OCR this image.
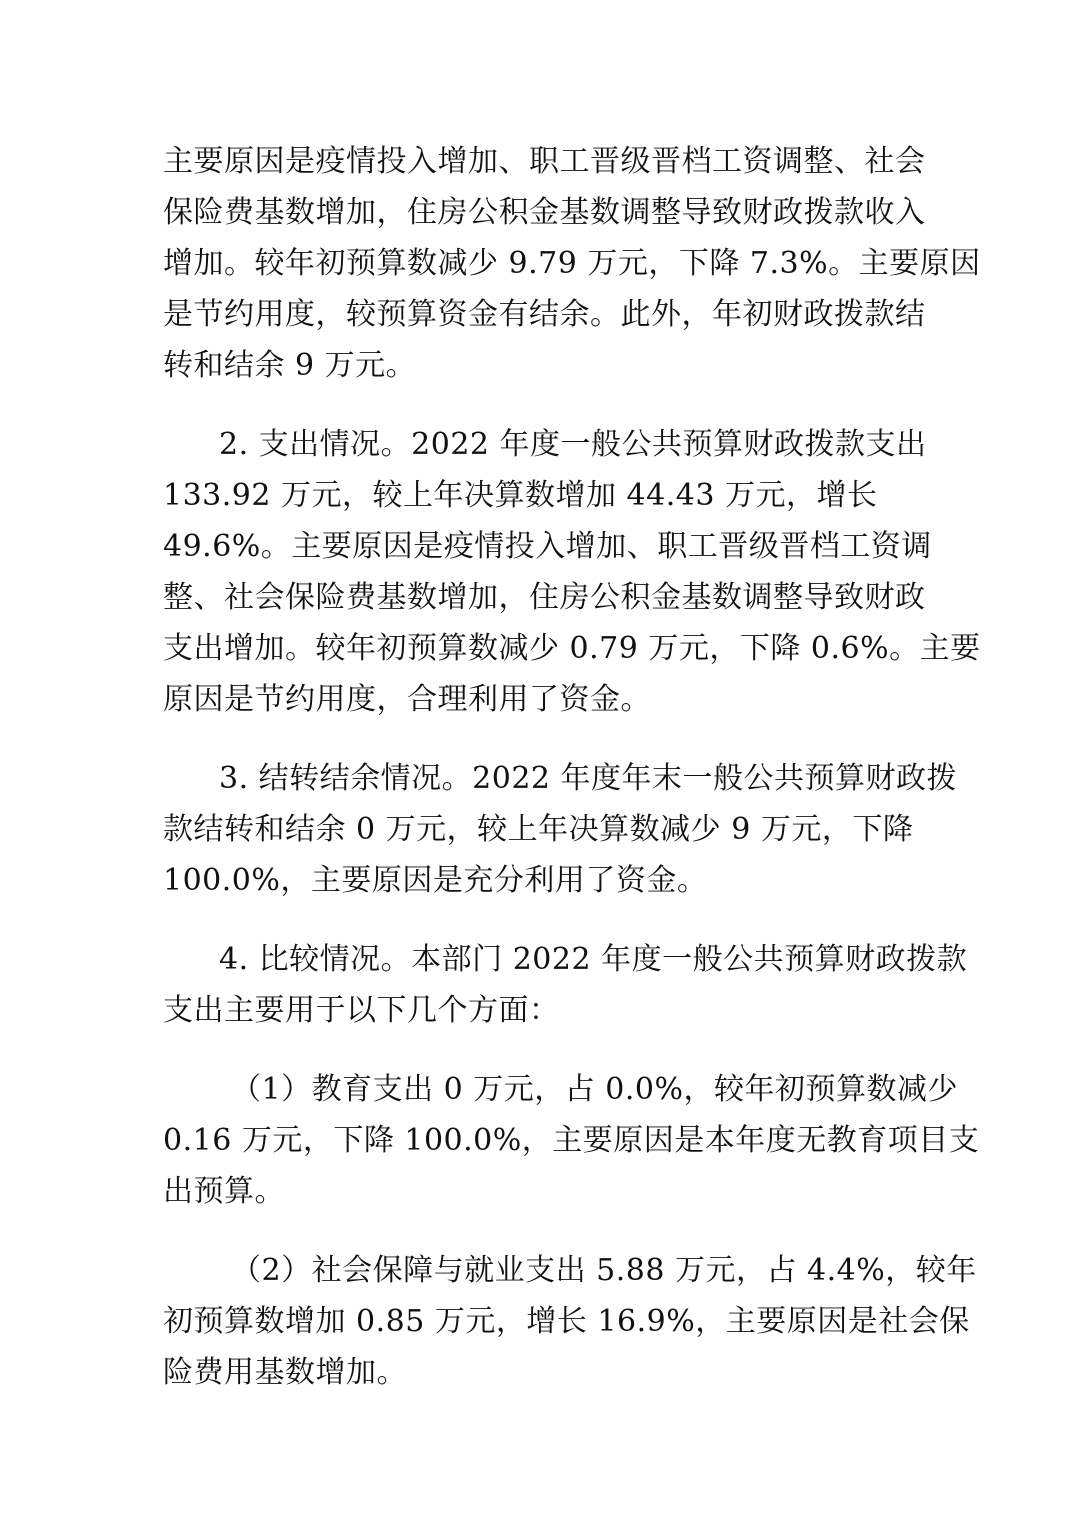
主要原因是疫情投入增加、职工晋级晋档工资调整、社会
保险费基数增加，住房公积金基数调整导致财政拨款收入
增加。较年初预算数减少 9.79 万元，下降 7.3%。主要原因
是节约用度，较预算资金有结余。此外，年初财政拨款结
转和结余 9 万元。

2. 支出情况。2022 年度一般公共预算财政拨款支出
133.92 万元，较上年决算数增加 44.43 万元，增长
49.6%。主要原因是疫情投入增加、职工晋级晋档工资调
整、社会保险费基数增加，住房公积金基数调整导致财政
支出增加。较年初预算数减少 0.79 万元，下降 0.6%。主要
原因是节约用度，合理利用了资金。

3. 结转结余情况。2022 年度年末一般公共预算财政拨
款结转和结余 0 万元，较上年决算数减少 9 万元，下降
100.0%，主要原因是充分利用了资金。

4. 比较情况。本部门 2022 年度一般公共预算财政拨款
支出主要用于以下几个方面：

（1）教育支出 0 万元，占 0.0%，较年初预算数减少
0.16 万元，下降 100.0%，主要原因是本年度无教育项目支
出预算。

（2）社会保障与就业支出 5.88 万元，占 4.4%，较年
初预算数增加 0.85 万元，增长 16.9%，主要原因是社会保
险费用基数增加。
